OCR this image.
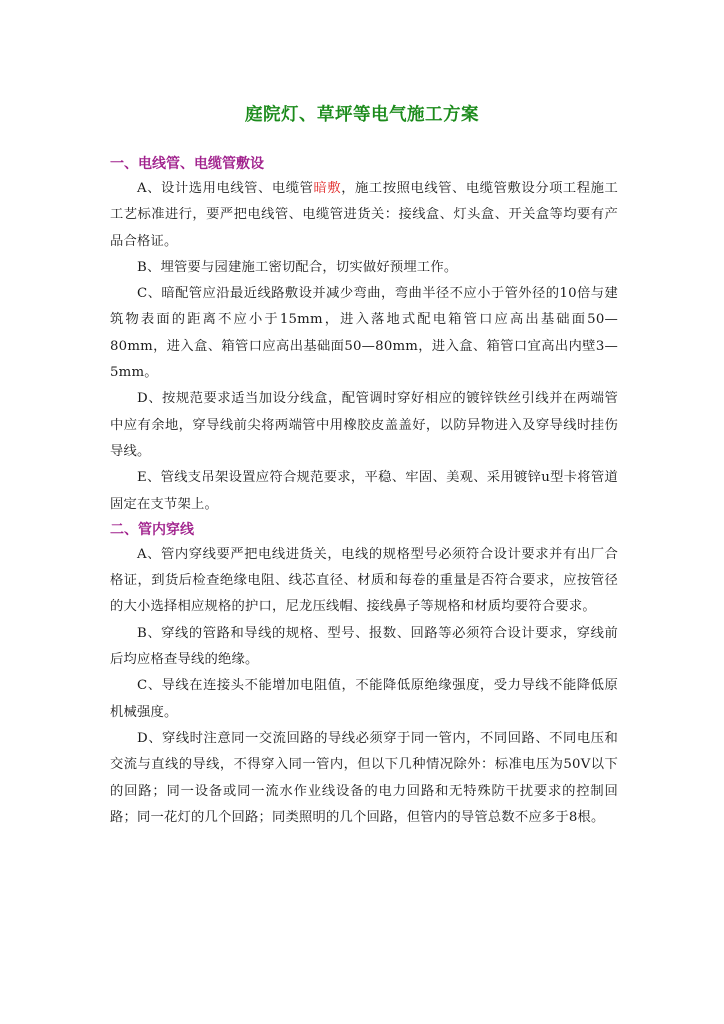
庭院灯、草坪等电气施工方案

一、电线管、电缆管敷设

A、设计选用电线管、电缆管暗敷，施工按照电线管、电缆管敷设分项工程施工工艺标准进行，要严把电线管、电缆管进货关：接线盒、灯头盒、开关盒等均要有产品合格证。

B、埋管要与园建施工密切配合，切实做好预埋工作。

C、暗配管应沿最近线路敷设并减少弯曲，弯曲半径不应小于管外径的10倍与建筑物表面的距离不应小于15mm，进入落地式配电箱管口应高出基础面50—80mm，进入盒、箱管口应高出基础面50—80mm，进入盒、箱管口宜高出内壁3—5mm。

D、按规范要求适当加设分线盒，配管调时穿好相应的镀锌铁丝引线并在两端管中应有余地，穿导线前尖将两端管中用橡胶皮盖盖好，以防异物进入及穿导线时挂伤导线。

E、管线支吊架设置应符合规范要求，平稳、牢固、美观、采用镀锌u型卡将管道固定在支节架上。

二、管内穿线

A、管内穿线要严把电线进货关，电线的规格型号必须符合设计要求并有出厂合格证，到货后检查绝缘电阻、线芯直径、材质和每卷的重量是否符合要求，应按管径的大小选择相应规格的护口，尼龙压线帽、接线鼻子等规格和材质均要符合要求。

B、穿线的管路和导线的规格、型号、报数、回路等必须符合设计要求，穿线前后均应格查导线的绝缘。

C、导线在连接头不能增加电阻值，不能降低原绝缘强度，受力导线不能降低原机械强度。

D、穿线时注意同一交流回路的导线必须穿于同一管内，不同回路、不同电压和交流与直线的导线，不得穿入同一管内，但以下几种情况除外：标准电压为50V以下的回路；同一设备或同一流水作业线设备的电力回路和无特殊防干扰要求的控制回路；同一花灯的几个回路；同类照明的几个回路，但管内的导管总数不应多于8根。
